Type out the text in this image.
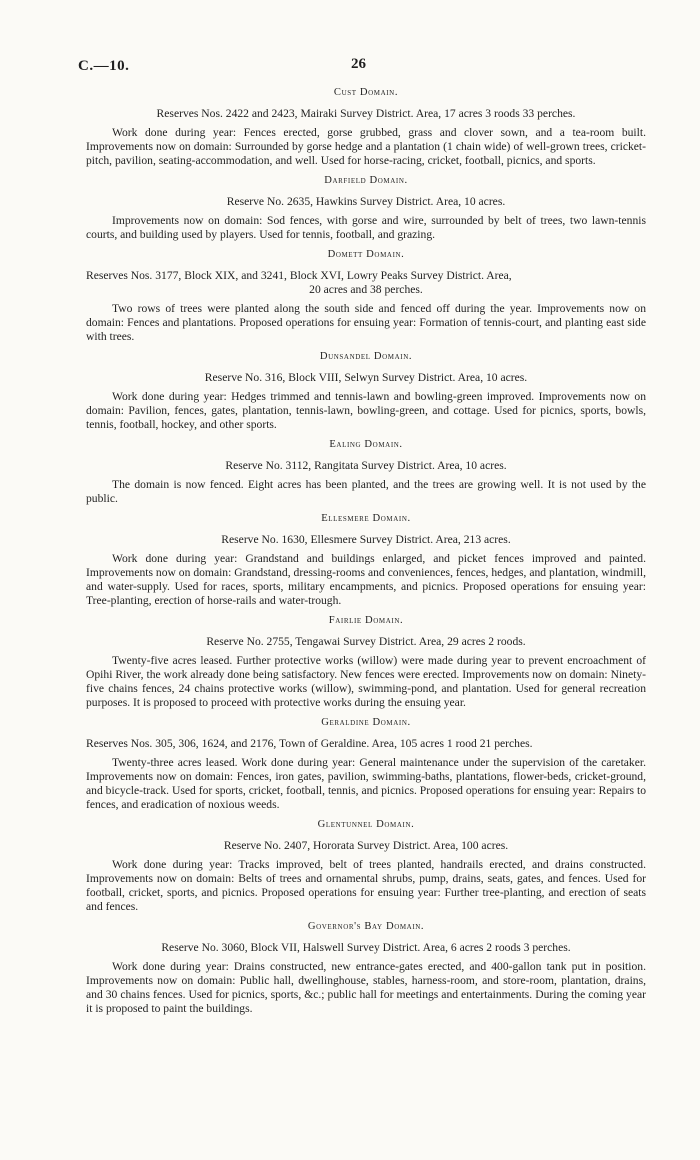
C.—10.	26
Cust Domain.
Reserves Nos. 2422 and 2423, Mairaki Survey District. Area, 17 acres 3 roods 33 perches.

Work done during year: Fences erected, gorse grubbed, grass and clover sown, and a tea-room built. Improvements now on domain: Surrounded by gorse hedge and a plantation (1 chain wide) of well-grown trees, cricket-pitch, pavilion, seating-accommodation, and well. Used for horse-racing, cricket, football, picnics, and sports.

Darfield Domain.
Reserve No. 2635, Hawkins Survey District. Area, 10 acres.

Improvements now on domain: Sod fences, with gorse and wire, surrounded by belt of trees, two lawn-tennis courts, and building used by players. Used for tennis, football, and grazing.

Domett Domain.
Reserves Nos. 3177, Block XIX, and 3241, Block XVI, Lowry Peaks Survey District. Area,
20 acres and 38 perches.

Two rows of trees were planted along the south side and fenced off during the year. Improvements now on domain: Fences and plantations. Proposed operations for ensuing year: Formation of tennis-court, and planting east side with trees.

Dunsandel Domain.
Reserve No. 316, Block VIII, Selwyn Survey District. Area, 10 acres.

Work done during year: Hedges trimmed and tennis-lawn and bowling-green improved. Improvements now on domain: Pavilion, fences, gates, plantation, tennis-lawn, bowling-green, and cottage. Used for picnics, sports, bowls, tennis, football, hockey, and other sports.

Ealing Domain.
Reserve No. 3112, Rangitata Survey District. Area, 10 acres.

The domain is now fenced. Eight acres has been planted, and the trees are growing well. It is not used by the public.

Ellesmere Domain.
Reserve No. 1630, Ellesmere Survey District. Area, 213 acres.

Work done during year: Grandstand and buildings enlarged, and picket fences improved and painted. Improvements now on domain: Grandstand, dressing-rooms and conveniences, fences, hedges, and plantation, windmill, and water-supply. Used for races, sports, military encampments, and picnics. Proposed operations for ensuing year: Tree-planting, erection of horse-rails and water-trough.

Fairlie Domain.
Reserve No. 2755, Tengawai Survey District. Area, 29 acres 2 roods.

Twenty-five acres leased. Further protective works (willow) were made during year to prevent encroachment of Opihi River, the work already done being satisfactory. New fences were erected. Improvements now on domain: Ninety-five chains fences, 24 chains protective works (willow), swimming-pond, and plantation. Used for general recreation purposes. It is proposed to proceed with protective works during the ensuing year.

Geraldine Domain.
Reserves Nos. 305, 306, 1624, and 2176, Town of Geraldine. Area, 105 acres 1 rood 21 perches.

Twenty-three acres leased. Work done during year: General maintenance under the supervision of the caretaker. Improvements now on domain: Fences, iron gates, pavilion, swimming-baths, plantations, flower-beds, cricket-ground, and bicycle-track. Used for sports, cricket, football, tennis, and picnics. Proposed operations for ensuing year: Repairs to fences, and eradication of noxious weeds.

Glentunnel Domain.
Reserve No. 2407, Hororata Survey District. Area, 100 acres.

Work done during year: Tracks improved, belt of trees planted, handrails erected, and drains constructed. Improvements now on domain: Belts of trees and ornamental shrubs, pump, drains, seats, gates, and fences. Used for football, cricket, sports, and picnics. Proposed operations for ensuing year: Further tree-planting, and erection of seats and fences.

Governor's Bay Domain.
Reserve No. 3060, Block VII, Halswell Survey District. Area, 6 acres 2 roods 3 perches.

Work done during year: Drains constructed, new entrance-gates erected, and 400-gallon tank put in position. Improvements now on domain: Public hall, dwellinghouse, stables, harness-room, and store-room, plantation, drains, and 30 chains fences. Used for picnics, sports, &c.; public hall for meetings and entertainments. During the coming year it is proposed to paint the buildings.
